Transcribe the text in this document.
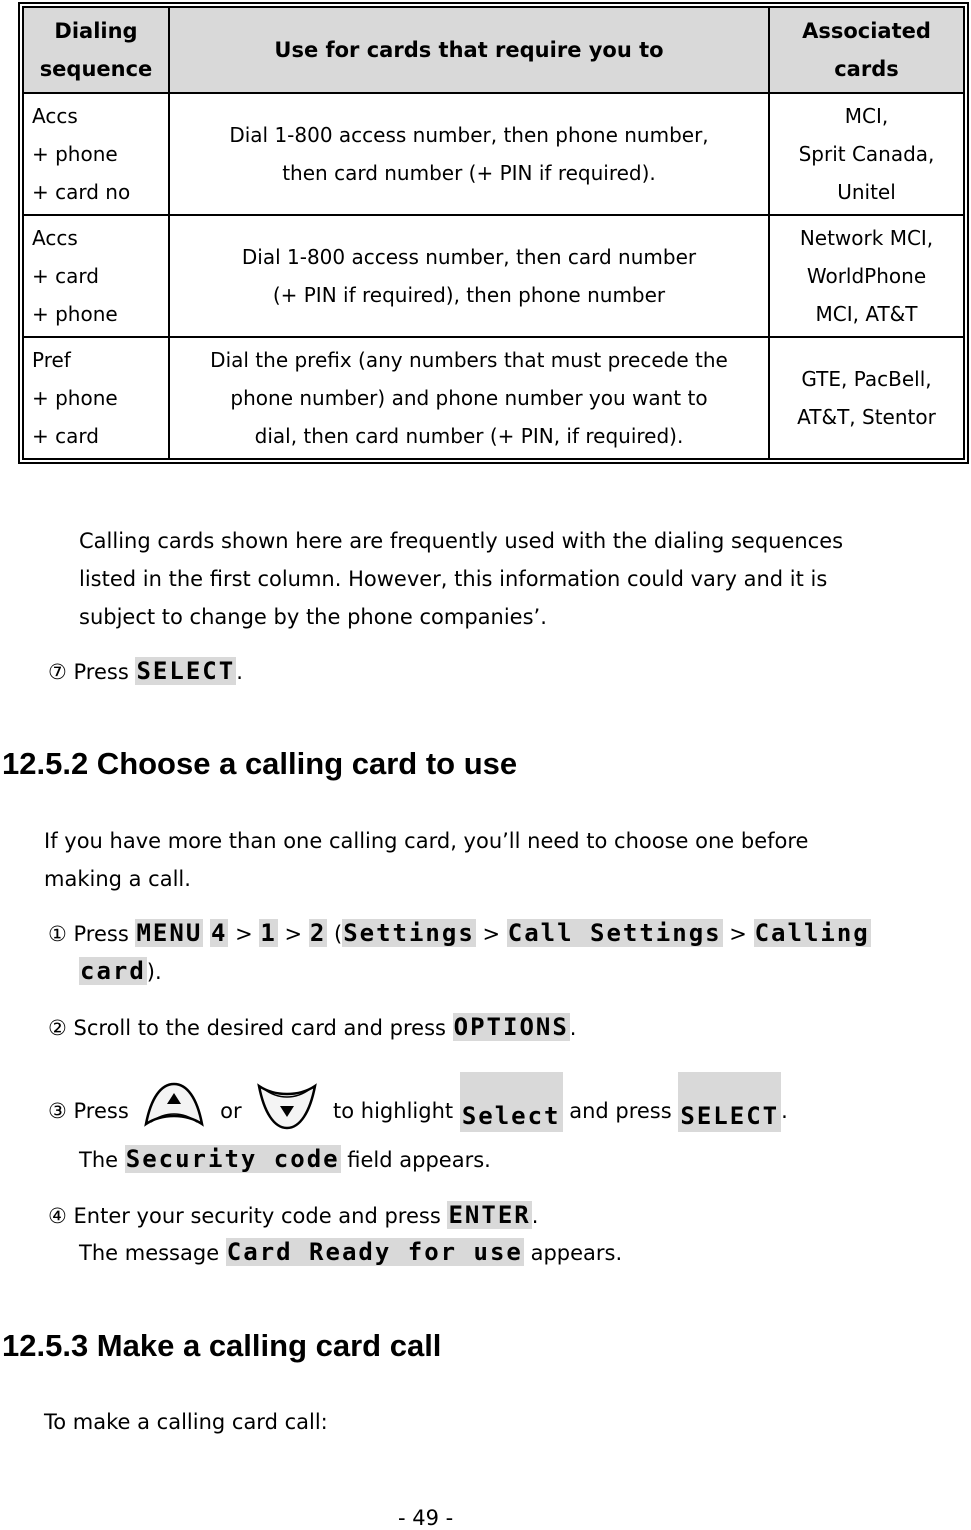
Dialing sequence	Use for cards that require you to	Associated cards

Accs
+ phone
+ card no	Dial 1-800 access number, then phone number,
then card number (+ PIN if required).	MCI,
Sprit Canada,
Unitel

Accs
+ card
+ phone	Dial 1-800 access number, then card number
(+ PIN if required), then phone number	Network MCI,
WorldPhone
MCI, AT&T

Pref
+ phone
+ card	Dial the prefix (any numbers that must precede the
phone number) and phone number you want to
dial, then card number (+ PIN, if required).	GTE, PacBell,
AT&T, Stentor
Calling cards shown here are frequently used with the dialing sequences
listed in the first column. However, this information could vary and it is
subject to change by the phone companies’.
⑦ Press SELECT.
12.5.2 Choose a calling card to use
If you have more than one calling card, you’ll need to choose one before
making a call.
① Press MENU 4 > 1 > 2 (Settings > Call Settings > Calling
card).
② Scroll to the desired card and press OPTIONS.
③ Press	or	to highlight Select and press SELECT.
The Security code field appears.
④ Enter your security code and press ENTER.
The message Card Ready for use appears.
12.5.3 Make a calling card call
To make a calling card call:
- 49 -
